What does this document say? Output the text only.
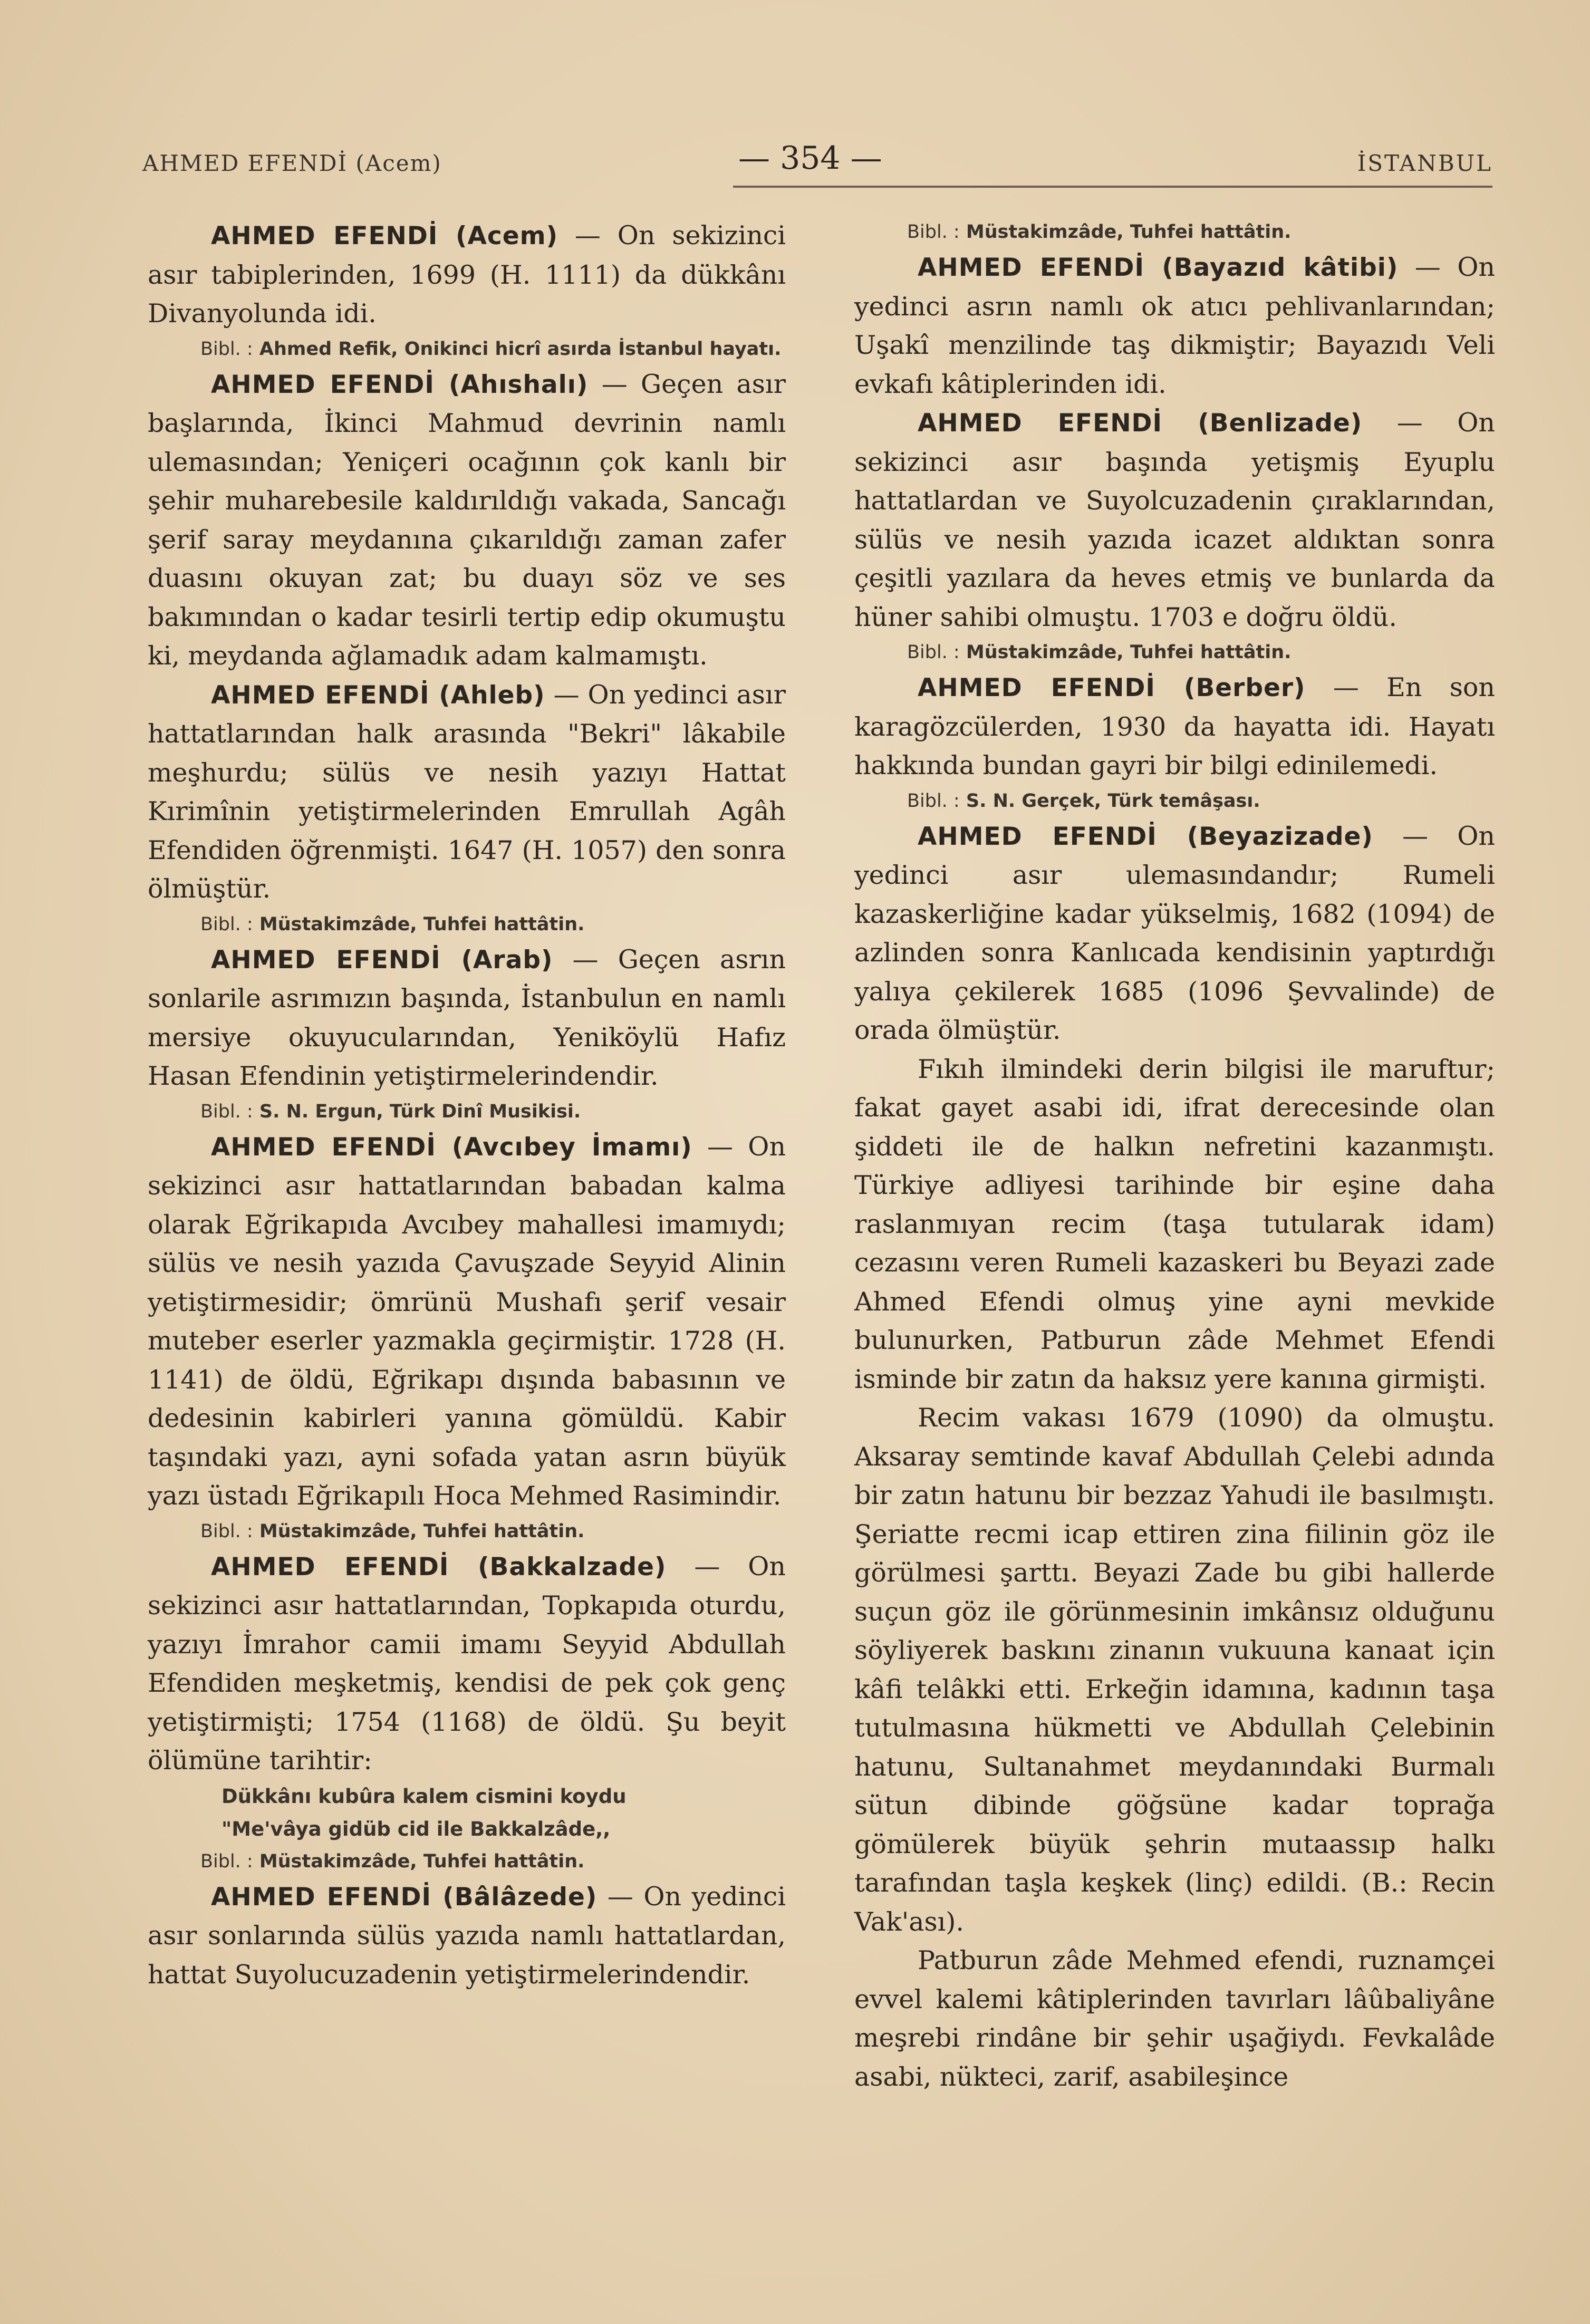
AHMED EFENDİ (Acem)	— 354 —	İSTANBUL

AHMED EFENDİ (Acem) — On sekizinci asır tabiplerinden, 1699 (H. 1111) da dükkânı Divanyolunda idi.

Bibl. : Ahmed Refik, Onikinci hicrî asırda İstanbul hayatı.

AHMED EFENDİ (Ahıshalı) — Geçen asır başlarında, İkinci Mahmud devrinin namlı ulemasından; Yeniçeri ocağının çok kanlı bir şehir muharebesile kaldırıldığı vakada, Sancağı şerif saray meydanına çıkarıldığı zaman zafer duasını okuyan zat; bu duayı söz ve ses bakımından o kadar tesirli tertip edip okumuştu ki, meydanda ağlamadık adam kalmamıştı.

AHMED EFENDİ (Ahleb) — On yedinci asır hattatlarından halk arasında "Bekri" lâkabile meşhurdu; sülüs ve nesih yazıyı Hattat Kırimînin yetiştirmelerinden Emrullah Agâh Efendiden öğrenmişti. 1647 (H. 1057) den sonra ölmüştür.

Bibl. : Müstakimzâde, Tuhfei hattâtin.

AHMED EFENDİ (Arab) — Geçen asrın sonlarile asrımızın başında, İstanbulun en namlı mersiye okuyucularından, Yeniköylü Hafız Hasan Efendinin yetiştirmelerindendir.

Bibl. : S. N. Ergun, Türk Dinî Musikisi.

AHMED EFENDİ (Avcıbey İmamı) — On sekizinci asır hattatlarından babadan kalma olarak Eğrikapıda Avcıbey mahallesi imamıydı; sülüs ve nesih yazıda Çavuşzade Seyyid Alinin yetiştirmesidir; ömrünü Mushafı şerif vesair muteber eserler yazmakla geçirmiştir. 1728 (H. 1141) de öldü, Eğrikapı dışında babasının ve dedesinin kabirleri yanına gömüldü. Kabir taşındaki yazı, ayni sofada yatan asrın büyük yazı üstadı Eğrikapılı Hoca Mehmed Rasimindir.

Bibl. : Müstakimzâde, Tuhfei hattâtin.

AHMED EFENDİ (Bakkalzade) — On sekizinci asır hattatlarından, Topkapıda oturdu, yazıyı İmrahor camii imamı Seyyid Abdullah Efendiden meşketmiş, kendisi de pek çok genç yetiştirmişti; 1754 (1168) de öldü. Şu beyit ölümüne tarihtir:

Dükkânı kubûra kalem cismini koydu

"Me'vâya gidüb cid ile Bakkalzâde,,

Bibl. : Müstakimzâde, Tuhfei hattâtin.

AHMED EFENDİ (Bâlâzede) — On yedinci asır sonlarında sülüs yazıda namlı hattatlardan, hattat Suyolucuzadenin yetiştirmelerindendir.

Bibl. : Müstakimzâde, Tuhfei hattâtin.

AHMED EFENDİ (Bayazıd kâtibi) — On yedinci asrın namlı ok atıcı pehlivanlarından; Uşakî menzilinde taş dikmiştir; Bayazıdı Veli evkafı kâtiplerinden idi.

AHMED EFENDİ (Benlizade) — On sekizinci asır başında yetişmiş Eyuplu hattatlardan ve Suyolcuzadenin çıraklarından, sülüs ve nesih yazıda icazet aldıktan sonra çeşitli yazılara da heves etmiş ve bunlarda da hüner sahibi olmuştu. 1703 e doğru öldü.

Bibl. : Müstakimzâde, Tuhfei hattâtin.

AHMED EFENDİ (Berber) — En son karagözcülerden, 1930 da hayatta idi. Hayatı hakkında bundan gayri bir bilgi edinilemedi.

Bibl. : S. N. Gerçek, Türk temâşası.

AHMED EFENDİ (Beyazizade) — On yedinci asır ulemasındandır; Rumeli kazaskerliğine kadar yükselmiş, 1682 (1094) de azlinden sonra Kanlıcada kendisinin yaptırdığı yalıya çekilerek 1685 (1096 Şevvalinde) de orada ölmüştür.

Fıkıh ilmindeki derin bilgisi ile maruftur; fakat gayet asabi idi, ifrat derecesinde olan şiddeti ile de halkın nefretini kazanmıştı. Türkiye adliyesi tarihinde bir eşine daha raslanmıyan recim (taşa tutularak idam) cezasını veren Rumeli kazaskeri bu Beyazi zade Ahmed Efendi olmuş yine ayni mevkide bulunurken, Patburun zâde Mehmet Efendi isminde bir zatın da haksız yere kanına girmişti.

Recim vakası 1679 (1090) da olmuştu. Aksaray semtinde kavaf Abdullah Çelebi adında bir zatın hatunu bir bezzaz Yahudi ile basılmıştı. Şeriatte recmi icap ettiren zina fiilinin göz ile görülmesi şarttı. Beyazi Zade bu gibi hallerde suçun göz ile görünmesinin imkânsız olduğunu söyliyerek baskını zinanın vukuuna kanaat için kâfi telâkki etti. Erkeğin idamına, kadının taşa tutulmasına hükmetti ve Abdullah Çelebinin hatunu, Sultanahmet meydanındaki Burmalı sütun dibinde göğsüne kadar toprağa gömülerek büyük şehrin mutaassıp halkı tarafından taşla keşkek (linç) edildi. (B.: Recin Vak'ası).

Patburun zâde Mehmed efendi, ruznamçei evvel kalemi kâtiplerinden tavırları lâûbaliyâne meşrebi rindâne bir şehir uşağiydı. Fevkalâde asabi, nükteci, zarif, asabileşince
